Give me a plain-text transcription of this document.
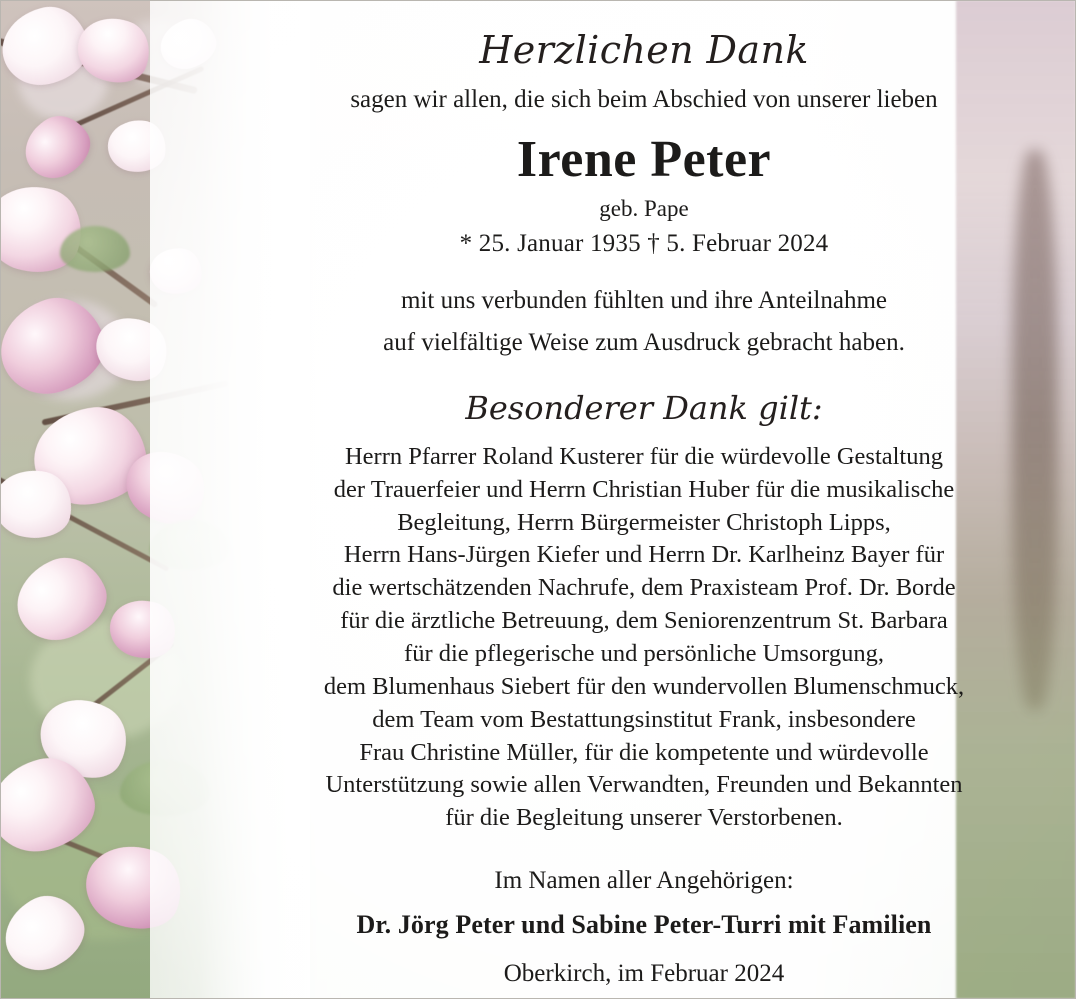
Herzlichen Dank
sagen wir allen, die sich beim Abschied von unserer lieben
Irene Peter
geb. Pape
* 25. Januar 1935 † 5. Februar 2024
mit uns verbunden fühlten und ihre Anteilnahme
auf vielfältige Weise zum Ausdruck gebracht haben.
Besonderer Dank gilt:
Herrn Pfarrer Roland Kusterer für die würdevolle Gestaltung
der Trauerfeier und Herrn Christian Huber für die musikalische
Begleitung, Herrn Bürgermeister Christoph Lipps,
Herrn Hans-Jürgen Kiefer und Herrn Dr. Karlheinz Bayer für
die wertschätzenden Nachrufe, dem Praxisteam Prof. Dr. Borde
für die ärztliche Betreuung, dem Seniorenzentrum St. Barbara
für die pflegerische und persönliche Umsorgung,
dem Blumenhaus Siebert für den wundervollen Blumenschmuck,
dem Team vom Bestattungsinstitut Frank, insbesondere
Frau Christine Müller, für die kompetente und würdevolle
Unterstützung sowie allen Verwandten, Freunden und Bekannten
für die Begleitung unserer Verstorbenen.
Im Namen aller Angehörigen:
Dr. Jörg Peter und Sabine Peter-Turri mit Familien
Oberkirch, im Februar 2024
